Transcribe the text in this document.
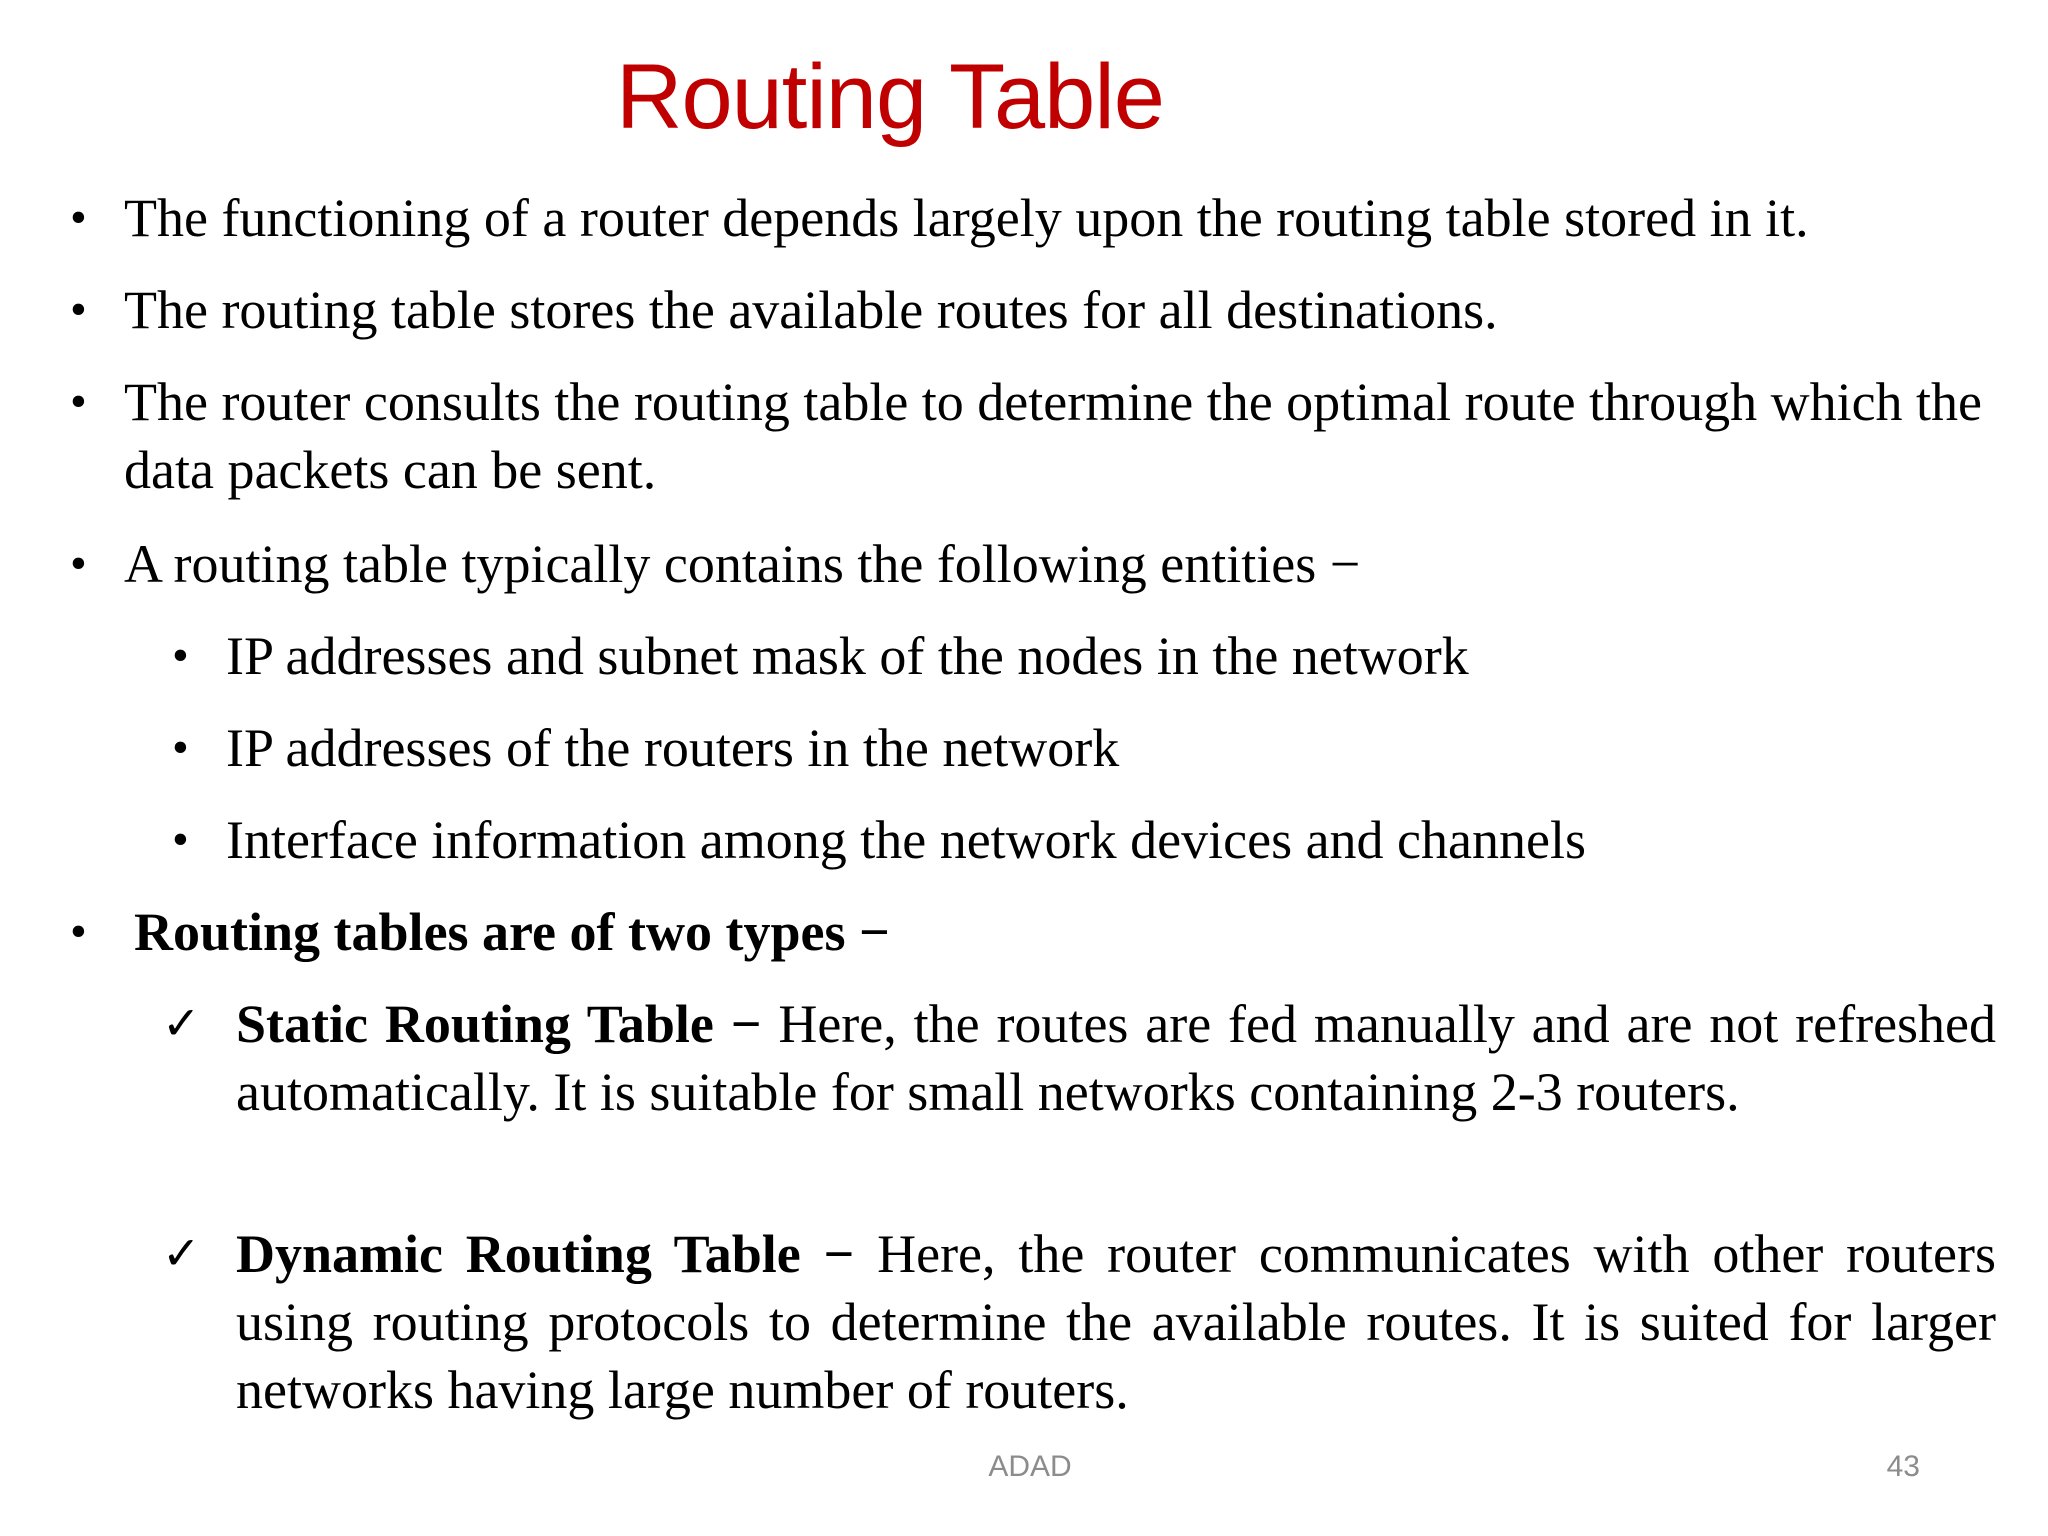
Routing Table
• The functioning of a router depends largely upon the routing table stored in it.
• The routing table stores the available routes for all destinations.
• The router consults the routing table to determine the optimal route through which the data packets can be sent.
• A routing table typically contains the following entities −
• IP addresses and subnet mask of the nodes in the network
• IP addresses of the routers in the network
• Interface information among the network devices and channels
• Routing tables are of two types −
✓ Static Routing Table − Here, the routes are fed manually and are not refreshed automatically. It is suitable for small networks containing 2-3 routers.
✓ Dynamic Routing Table − Here, the router communicates with other routers using routing protocols to determine the available routes. It is suited for larger networks having large number of routers.
ADAD	43
